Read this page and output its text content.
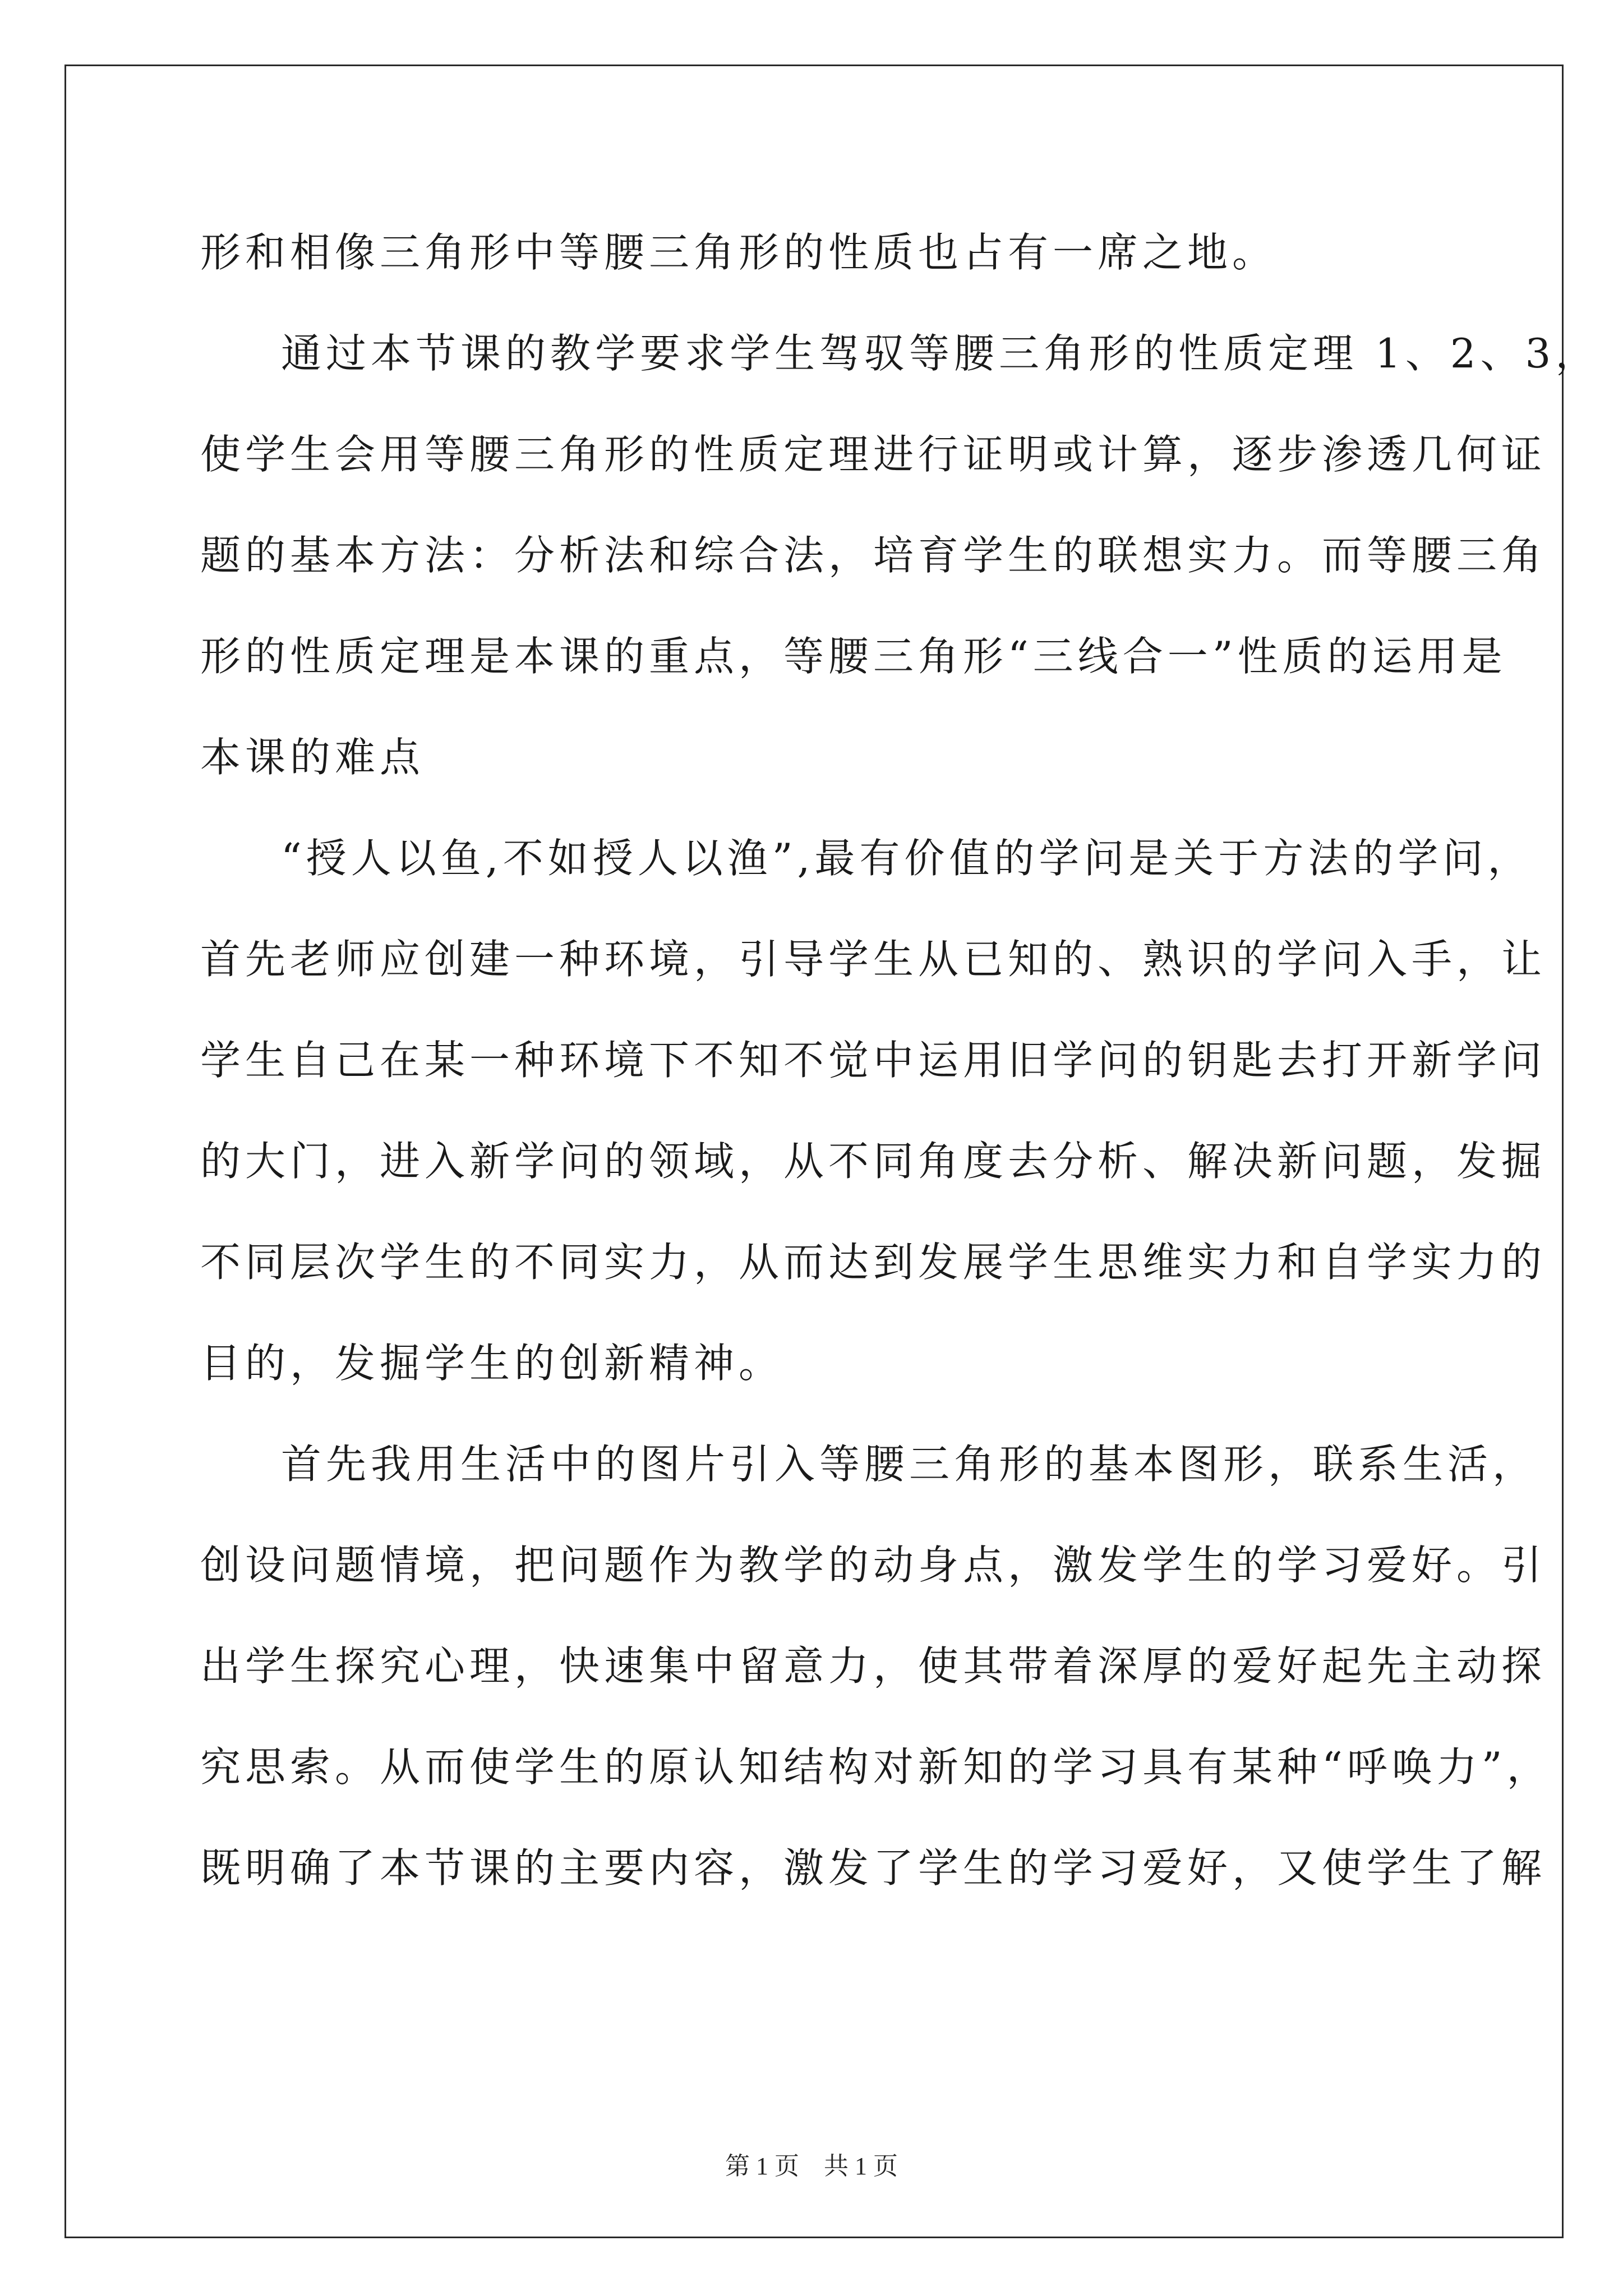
形和相像三角形中等腰三角形的性质也占有一席之地。
通过本节课的教学要求学生驾驭等腰三角形的性质定理 1、2、3，
使学生会用等腰三角形的性质定理进行证明或计算，逐步渗透几何证
题的基本方法：分析法和综合法，培育学生的联想实力。而等腰三角
形的性质定理是本课的重点，等腰三角形“三线合一”性质的运用是
本课的难点
“授人以鱼,不如授人以渔”,最有价值的学问是关于方法的学问，
首先老师应创建一种环境，引导学生从已知的、熟识的学问入手，让
学生自己在某一种环境下不知不觉中运用旧学问的钥匙去打开新学问
的大门，进入新学问的领域，从不同角度去分析、解决新问题，发掘
不同层次学生的不同实力，从而达到发展学生思维实力和自学实力的
目的，发掘学生的创新精神。
首先我用生活中的图片引入等腰三角形的基本图形，联系生活，
创设问题情境，把问题作为教学的动身点，激发学生的学习爱好。引
出学生探究心理，快速集中留意力，使其带着深厚的爱好起先主动探
究思索。从而使学生的原认知结构对新知的学习具有某种“呼唤力”，
既明确了本节课的主要内容，激发了学生的学习爱好，又使学生了解
第 1 页　共 1 页
